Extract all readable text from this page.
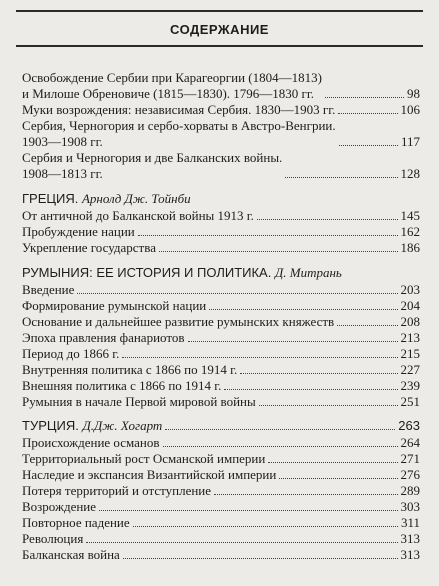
СОДЕРЖАНИЕ
Освобождение Сербии при Карагеоргии (1804—1813)
и Милоше Обреновиче (1815—1830). 1796—1830 гг.	98
Муки возрождения: независимая Сербия. 1830—1903 гг.	106
Сербия, Черногория и сербо-хорваты в Австро-Венгрии.
1903—1908 гг.	117
Сербия и Черногория и две Балканских войны.
1908—1813 гг.	128
ГРЕЦИЯ. Арнолд Дж. Тойнби
От античной до Балканской войны 1913 г.	145
Пробуждение нации	162
Укрепление государства	186
РУМЫНИЯ: ЕЕ ИСТОРИЯ И ПОЛИТИКА. Д. Митрань
Введение	203
Формирование румынской нации	204
Основание и дальнейшее развитие румынских княжеств	208
Эпоха правления фанариотов	213
Период до 1866 г.	215
Внутренняя политика с 1866 по 1914 г.	227
Внешняя политика с 1866 по 1914 г.	239
Румыния в начале Первой мировой войны	251
ТУРЦИЯ. Д.Дж. Хогарт	263
Происхождение османов	264
Территориальный рост Османской империи	271
Наследие и экспансия Византийской империи	276
Потеря территорий и отступление	289
Возрождение	303
Повторное падение	311
Революция	313
Балканская война	313
